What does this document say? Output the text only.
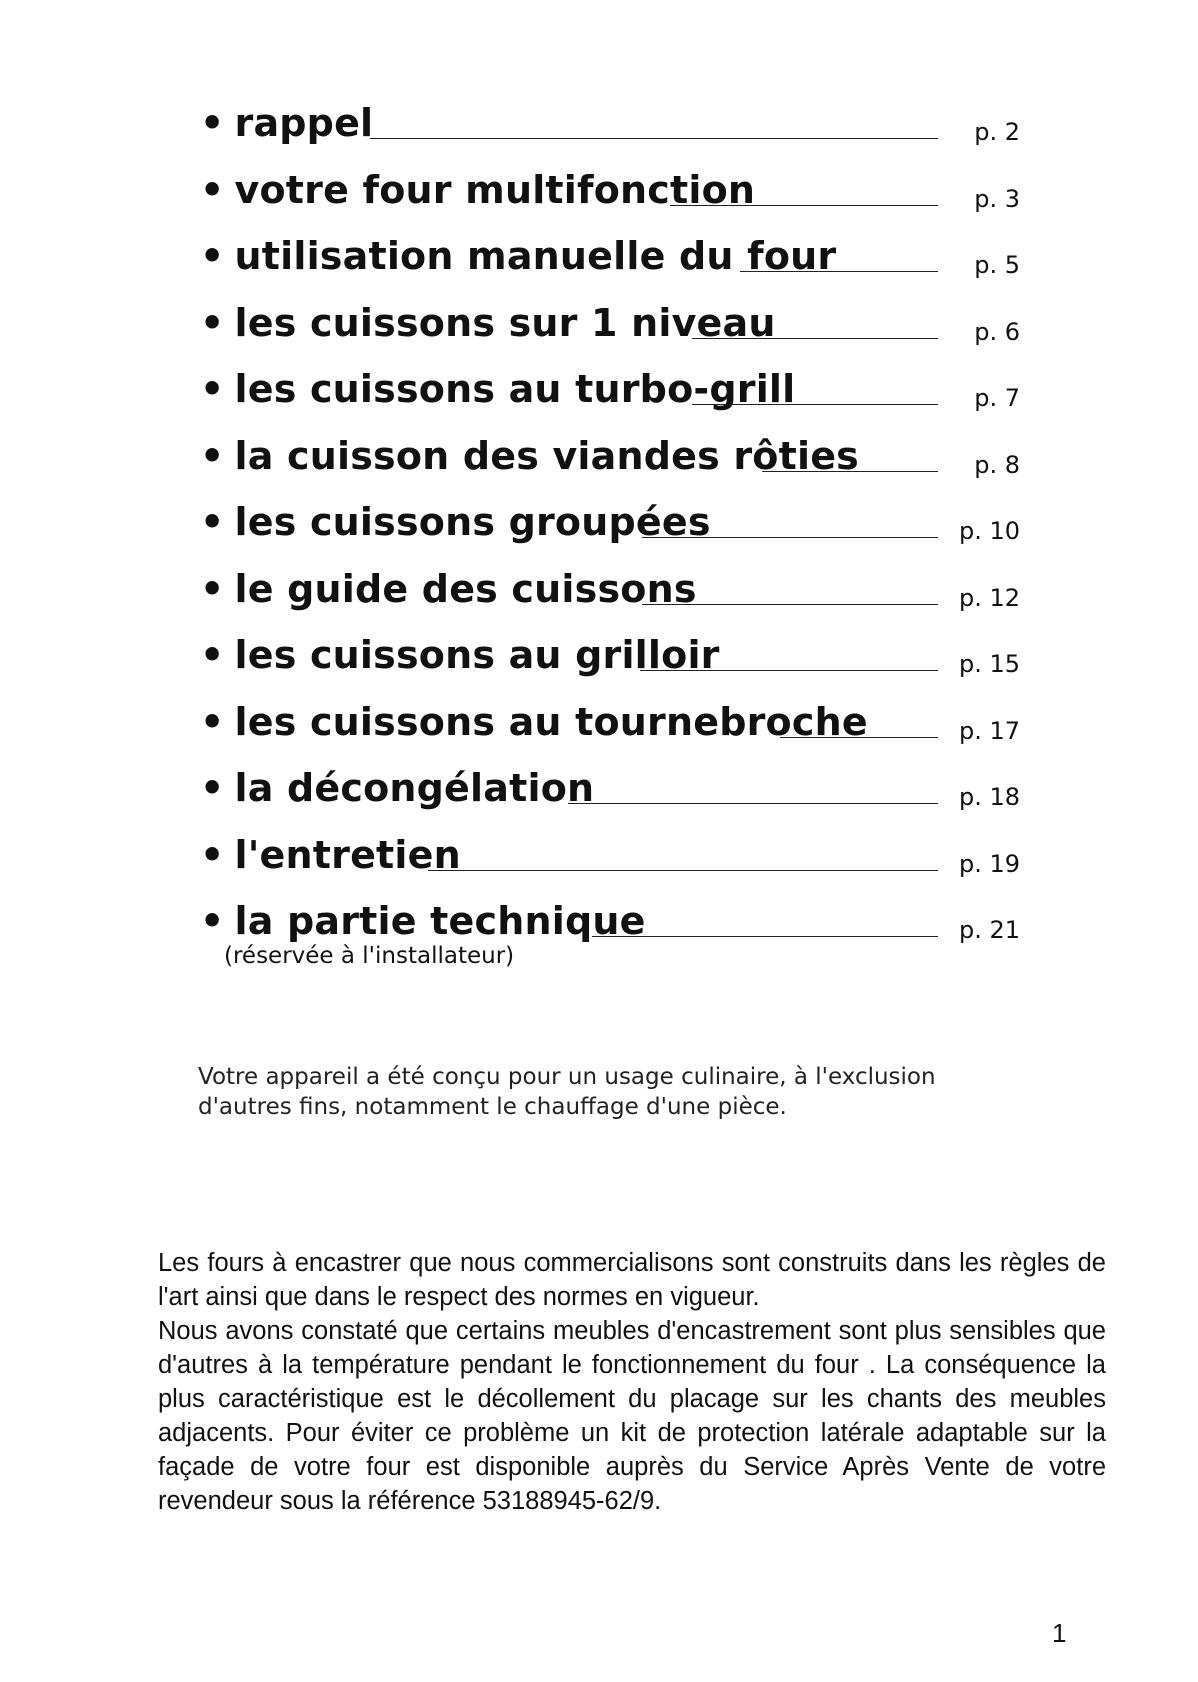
• rappel	p. 2
• votre four multifonction	p. 3
• utilisation manuelle du four	p. 5
• les cuissons sur 1 niveau	p. 6
• les cuissons au turbo-grill	p. 7
• la cuisson des viandes rôties	p. 8
• les cuissons groupées	p. 10
• le guide des cuissons	p. 12
• les cuissons au grilloir	p. 15
• les cuissons au tournebroche	p. 17
• la décongélation	p. 18
• l'entretien	p. 19
• la partie technique	p. 21
(réservée à l'installateur)

Votre appareil a été conçu pour un usage culinaire, à l'exclusion

d'autres fins, notamment le chauffage d'une pièce.

Les fours à encastrer que nous commercialisons sont construits dans les règles de l'art ainsi que dans le respect des normes en vigueur.

Nous avons constaté que certains meubles d'encastrement sont plus sensibles que d'autres à la température pendant le fonctionnement du four . La conséquence la plus caractéristique est le décollement du placage sur les chants des meubles adjacents. Pour éviter ce problème un kit de protection latérale adaptable sur la façade de votre four est disponible auprès du Service Après Vente de votre revendeur sous la référence 53188945-62/9.

1
